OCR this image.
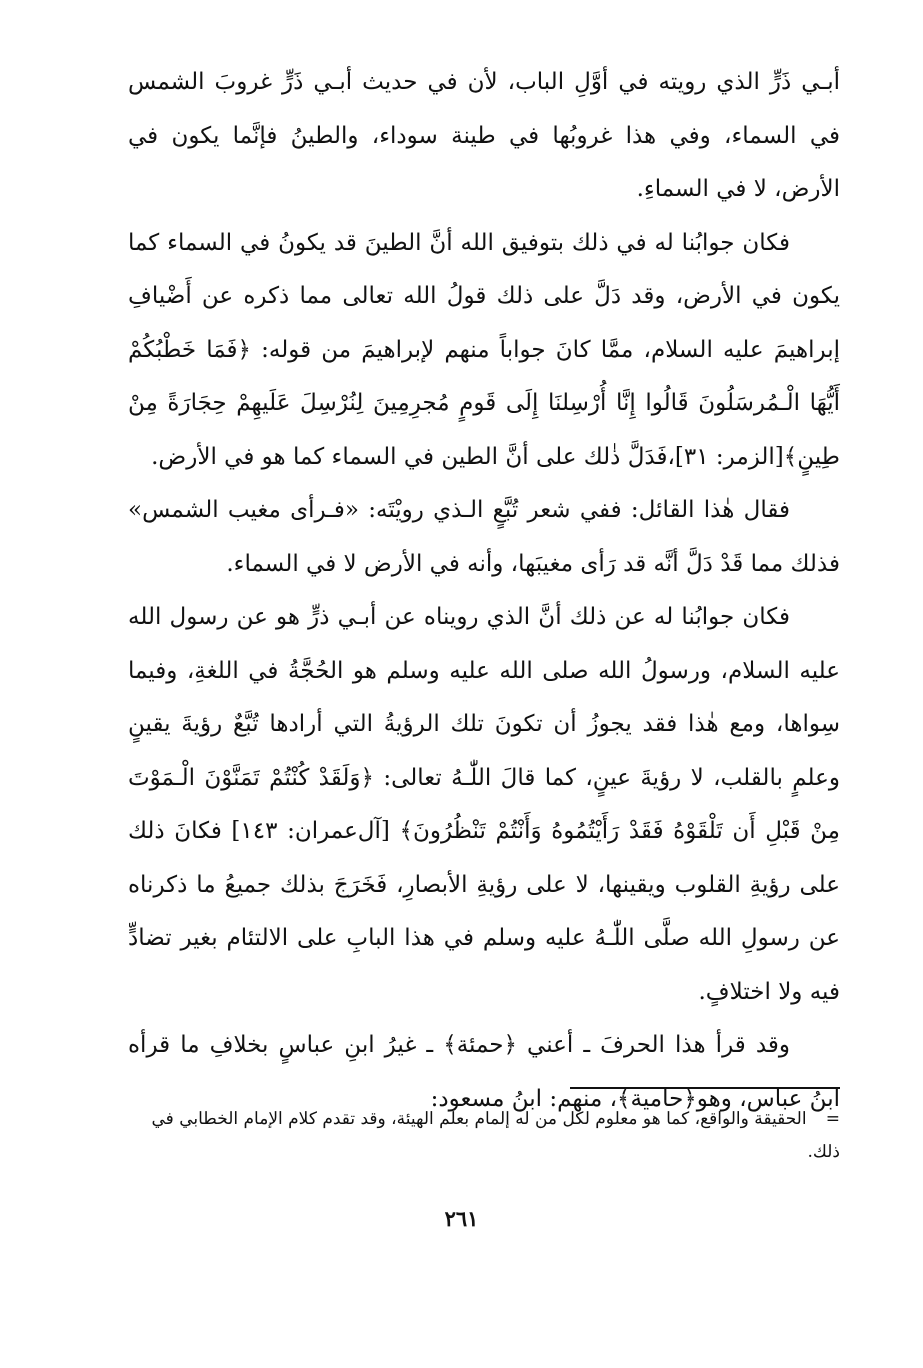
أبـي ذَرٍّ الذي رويته في أوَّلِ الباب، لأن في حديث أبـي ذَرٍّ غروبَ الشمس في السماء، وفي هذا غروبُها في طينة سوداء، والطينُ فإنَّما يكون في الأرض، لا في السماءِ.

فكان جوابُنا له في ذلك بتوفيق الله أنَّ الطينَ قد يكونُ في السماء كما يكون في الأرض، وقد دَلَّ على ذلك قولُ الله تعالى مما ذكره عن أَضْيافِ إبراهيمَ عليه السلام، ممَّا كانَ جواباً منهم لإبراهيمَ من قوله: ﴿فَمَا خَطْبُكُمْ أَيُّهَا الْـمُرسَلُونَ قَالُوا إِنَّا أُرْسِلنَا إِلَى قَومٍ مُجرِمِينَ لِنُرْسِلَ عَلَيهِمْ حِجَارَةً مِنْ طِينٍ﴾[الزمر: ٣١]،فَدَلَّ ذٰلك على أنَّ الطين في السماء كما هو في الأرض.

فقال هٰذا القائل: ففي شعر تُبَّعٍ الـذي رويْتَه: «فـرأى مغيب الشمس» فذلك مما قَدْ دَلَّ أنَّه قد رَأى مغيبَها، وأنه في الأرض لا في السماء.

فكان جوابُنا له عن ذلك أنَّ الذي رويناه عن أبـي ذرٍّ هو عن رسول الله عليه السلام، ورسولُ الله صلى الله عليه وسلم هو الحُجَّةُ في اللغةِ، وفيما سِواها، ومع هٰذا فقد يجوزُ أن تكونَ تلك الرؤيةُ التي أرادها تُبَّعٌ رؤيةَ يقينٍ وعلمٍ بالقلب، لا رؤيةَ عينٍ، كما قالَ اللّٰـهُ تعالى: ﴿وَلَقَدْ كُنْتُمْ تَمَنَّوْنَ الْـمَوْتَ مِنْ قَبْلِ أَن تَلْقَوْهُ فَقَدْ رَأَيْتُمُوهُ وَأَنْتُمْ تَنْظُرُونَ﴾ [آل‌عمران: ١٤٣] فكانَ ذلك على رؤيةِ القلوب ويقينها، لا على رؤيةِ الأبصارِ، فَخَرَجَ بذلك جميعُ ما ذكرناه عن رسولِ الله صلَّى اللّٰـهُ عليه وسلم في هذا البابِ على الالتئام بغير تضادٍّ فيه ولا اختلافٍ.

وقد قرأ هذا الحرفَ ـ أعني ﴿حمئة﴾ ـ غيرُ ابنِ عباسٍ بخلافِ ما قرأه ابنُ عباس، وهو﴿حامية﴾، منهم: ابنُ مسعود:

= الحقيقة والواقع، كما هو معلوم لكل من له إلمام بعلم الهيئة، وقد تقدم كلام الإمام الخطابي في ذلك.
٢٦١
